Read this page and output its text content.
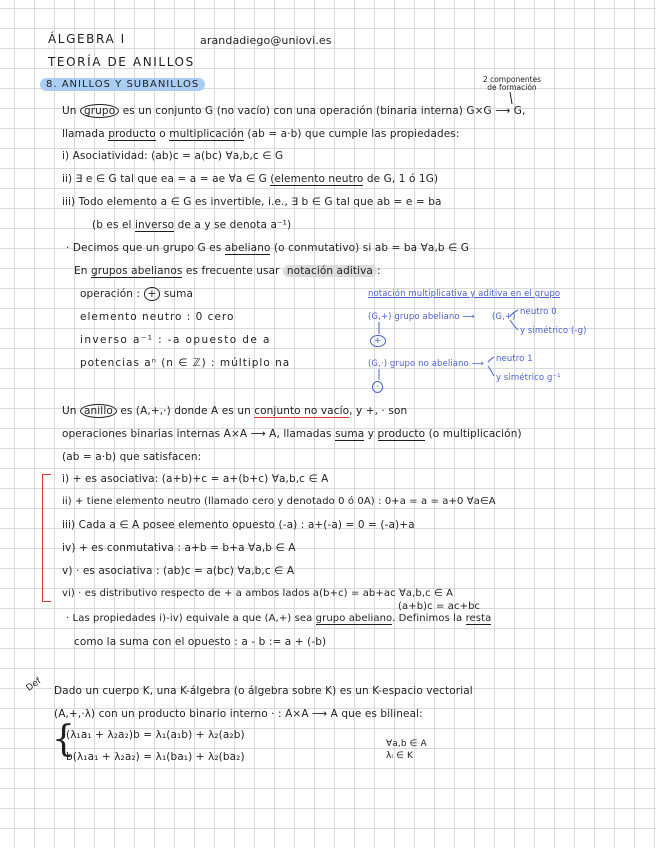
ÁLGEBRA I	arandadiego@uniovi.es
TEORÍA DE ANILLOS
8. ANILLOS Y SUBANILLOS	2 componentes de formación
Un grupo es un conjunto G (no vacío) con una operación (binaria interna) G×G ⟶ G,
llamada producto o multiplicación (ab = a·b) que cumple las propiedades:
i) Asociatividad: (ab)c = a(bc) ∀a,b,c ∈ G
ii) ∃ e ∈ G tal que ea = a = ae ∀a ∈ G (elemento neutro de G, 1 ó 1G)
iii) Todo elemento a ∈ G es invertible, i.e., ∃ b ∈ G tal que ab = e = ba
(b es el inverso de a y se denota a⁻¹)
· Decimos que un grupo G es abeliano (o conmutativo) si ab = ba ∀a,b ∈ G
En grupos abelianos es frecuente usar notación aditiva :
operación : + suma
elemento neutro : 0 cero
inverso a⁻¹ : -a opuesto de a
potencias aⁿ (n ∈ ℤ) : múltiplo na
notación multiplicativa y aditiva en el grupo
(G,+) grupo abeliano ⟶ (G,+) neutro 0
y simétrico (-g)
+
(G,·) grupo no abeliano ⟶ neutro 1
y simétrico g⁻¹
·
Un anillo es (A,+,·) donde A es un conjunto no vacío, y +, · son
operaciones binarias internas A×A ⟶ A, llamadas suma y producto (o multiplicación)
(ab = a·b) que satisfacen:
i) + es asociativa: (a+b)+c = a+(b+c) ∀a,b,c ∈ A
ii) + tiene elemento neutro (llamado cero y denotado 0 ó 0A) : 0+a = a = a+0 ∀a∈A
iii) Cada a ∈ A posee elemento opuesto (-a) : a+(-a) = 0 = (-a)+a
iv) + es conmutativa : a+b = b+a ∀a,b ∈ A
v) · es asociativa : (ab)c = a(bc) ∀a,b,c ∈ A
vi) · es distributivo respecto de + a ambos lados a(b+c) = ab+ac ∀a,b,c ∈ A
(a+b)c = ac+bc
· Las propiedades i)-iv) equivale a que (A,+) sea grupo abeliano. Definimos la resta
como la suma con el opuesto : a - b := a + (-b)
Def Dado un cuerpo K, una K-álgebra (o álgebra sobre K) es un K-espacio vectorial
(A,+,·λ) con un producto binario interno · : A×A ⟶ A que es bilineal:
{
(λ₁a₁ + λ₂a₂)b = λ₁(a₁b) + λ₂(a₂b)
b(λ₁a₁ + λ₂a₂) = λ₁(ba₁) + λ₂(ba₂)
∀a,b ∈ A
λᵢ ∈ K
